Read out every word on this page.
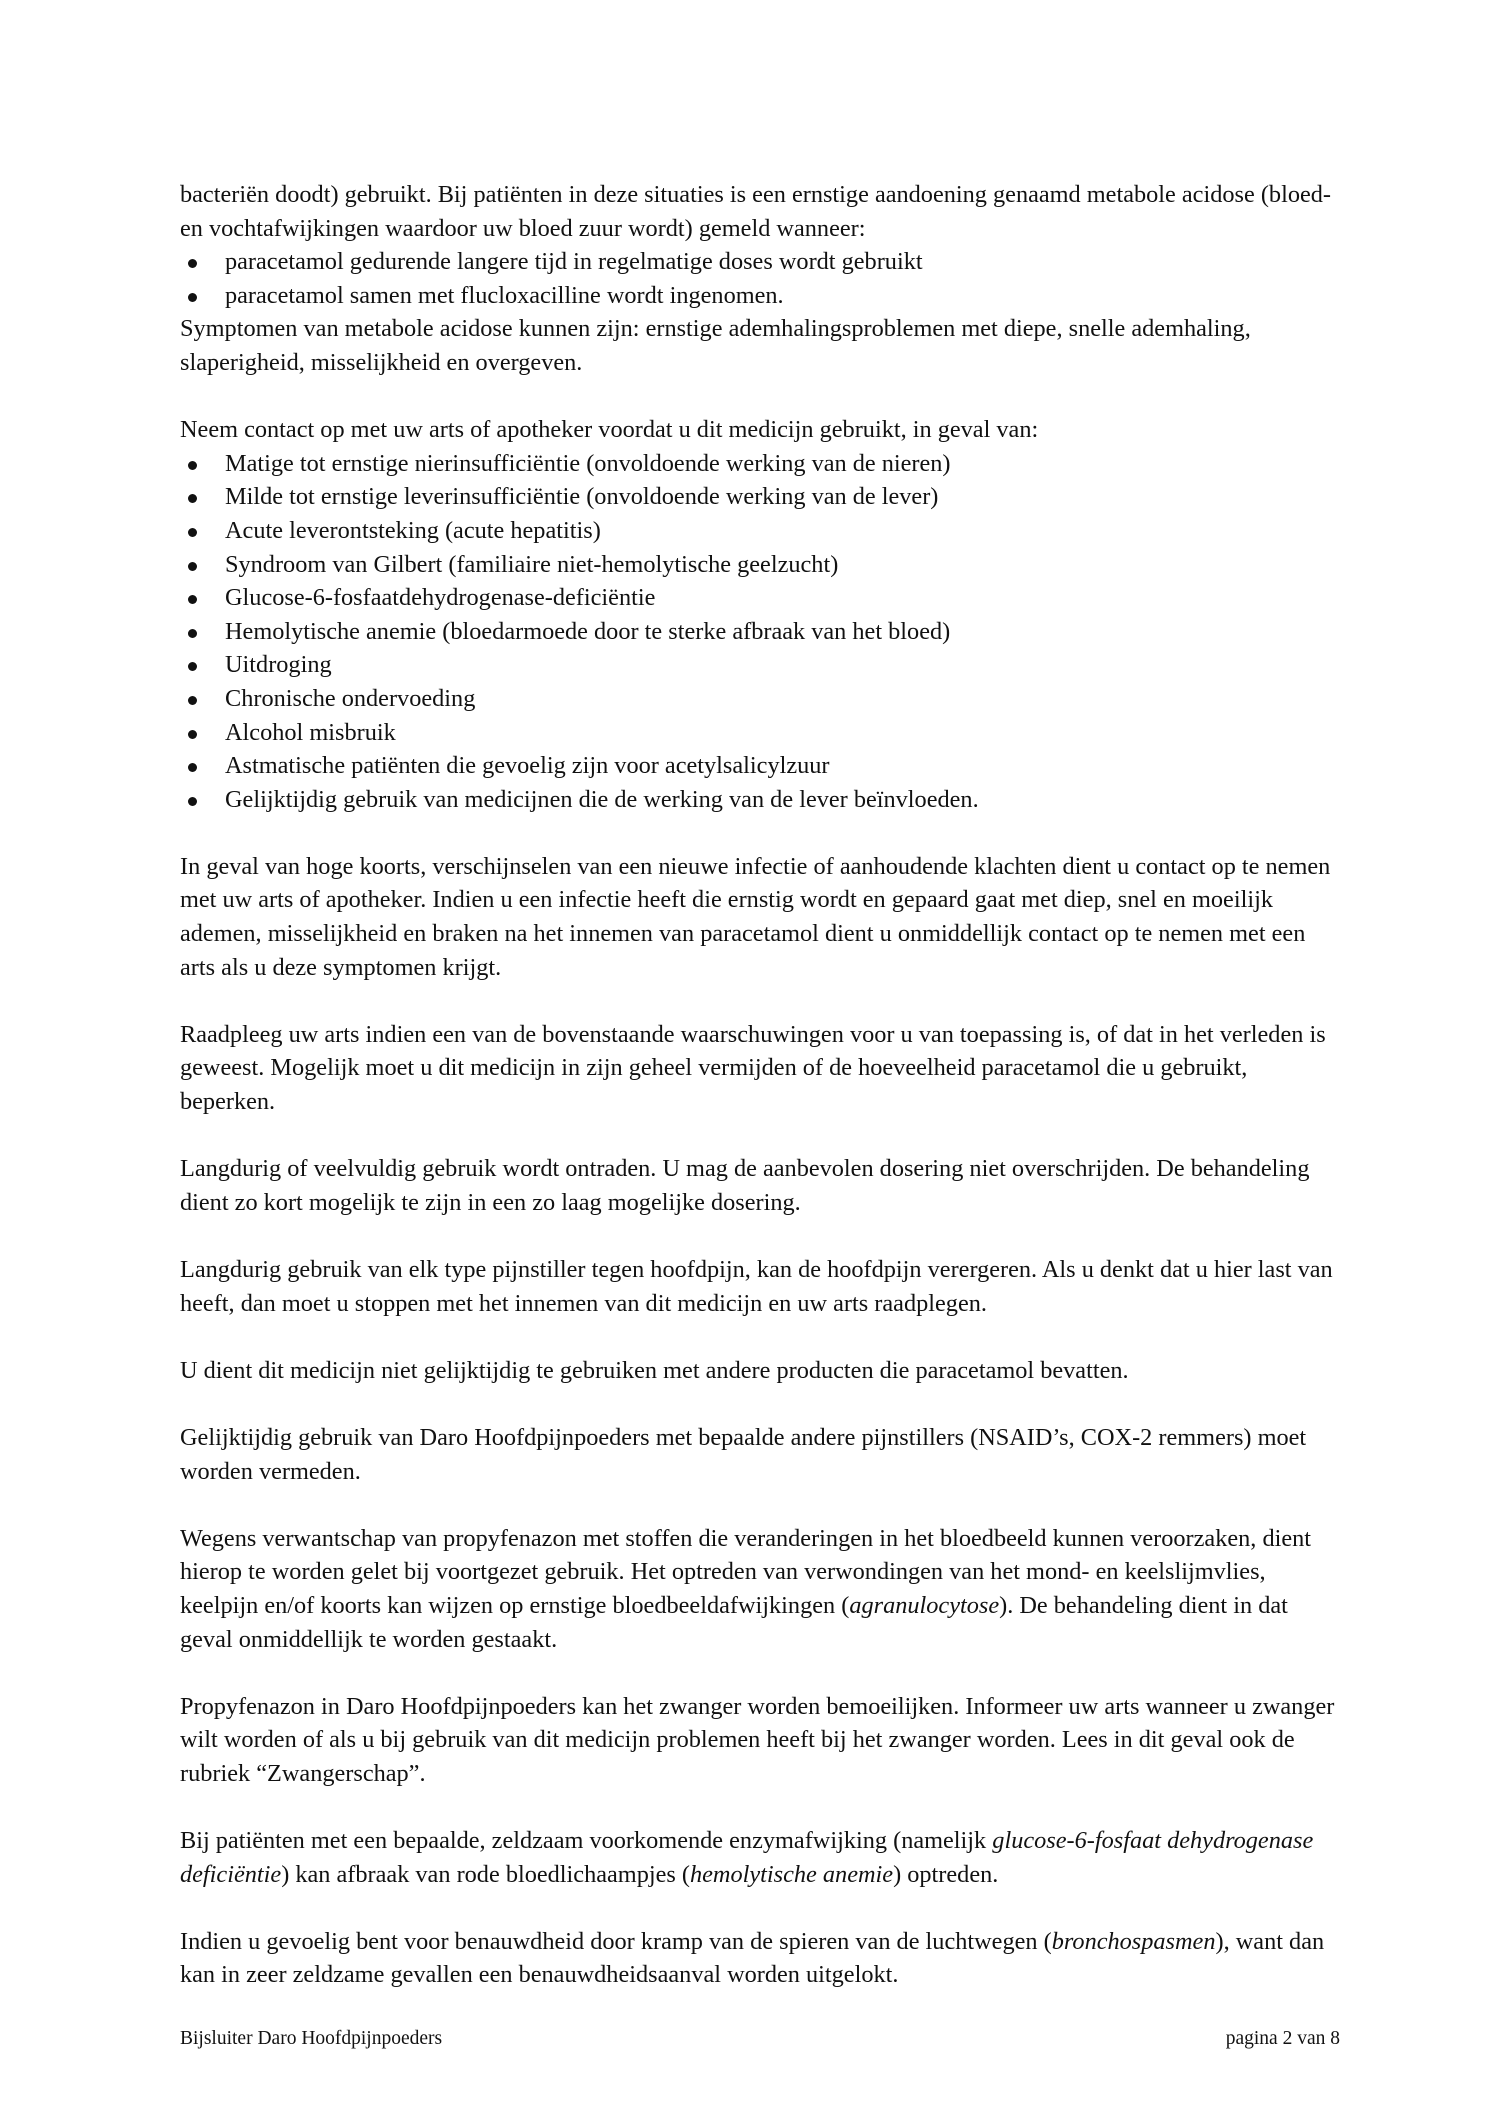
bacteriën doodt) gebruikt. Bij patiënten in deze situaties is een ernstige aandoening genaamd metabole acidose (bloed- en vochtafwijkingen waardoor uw bloed zuur wordt) gemeld wanneer:

paracetamol gedurende langere tijd in regelmatige doses wordt gebruikt
paracetamol samen met flucloxacilline wordt ingenomen.

Symptomen van metabole acidose kunnen zijn: ernstige ademhalingsproblemen met diepe, snelle ademhaling, slaperigheid, misselijkheid en overgeven.

Neem contact op met uw arts of apotheker voordat u dit medicijn gebruikt, in geval van:

Matige tot ernstige nierinsufficiëntie (onvoldoende werking van de nieren)
Milde tot ernstige leverinsufficiëntie (onvoldoende werking van de lever)
Acute leverontsteking (acute hepatitis)
Syndroom van Gilbert (familiaire niet-hemolytische geelzucht)
Glucose-6-fosfaatdehydrogenase-deficiëntie
Hemolytische anemie (bloedarmoede door te sterke afbraak van het bloed)
Uitdroging
Chronische ondervoeding
Alcohol misbruik
Astmatische patiënten die gevoelig zijn voor acetylsalicylzuur
Gelijktijdig gebruik van medicijnen die de werking van de lever beïnvloeden.

In geval van hoge koorts, verschijnselen van een nieuwe infectie of aanhoudende klachten dient u contact op te nemen met uw arts of apotheker. Indien u een infectie heeft die ernstig wordt en gepaard gaat met diep, snel en moeilijk ademen, misselijkheid en braken na het innemen van paracetamol dient u onmiddellijk contact op te nemen met een arts als u deze symptomen krijgt.

Raadpleeg uw arts indien een van de bovenstaande waarschuwingen voor u van toepassing is, of dat in het verleden is geweest. Mogelijk moet u dit medicijn in zijn geheel vermijden of de hoeveelheid paracetamol die u gebruikt, beperken.

Langdurig of veelvuldig gebruik wordt ontraden. U mag de aanbevolen dosering niet overschrijden. De behandeling dient zo kort mogelijk te zijn in een zo laag mogelijke dosering.

Langdurig gebruik van elk type pijnstiller tegen hoofdpijn, kan de hoofdpijn verergeren. Als u denkt dat u hier last van heeft, dan moet u stoppen met het innemen van dit medicijn en uw arts raadplegen.

U dient dit medicijn niet gelijktijdig te gebruiken met andere producten die paracetamol bevatten.

Gelijktijdig gebruik van Daro Hoofdpijnpoeders met bepaalde andere pijnstillers (NSAID’s, COX-2 remmers) moet worden vermeden.

Wegens verwantschap van propyfenazon met stoffen die veranderingen in het bloedbeeld kunnen veroorzaken, dient hierop te worden gelet bij voortgezet gebruik. Het optreden van verwondingen van het mond- en keelslijmvlies, keelpijn en/of koorts kan wijzen op ernstige bloedbeeldafwijkingen (agranulocytose). De behandeling dient in dat geval onmiddellijk te worden gestaakt.

Propyfenazon in Daro Hoofdpijnpoeders kan het zwanger worden bemoeilijken. Informeer uw arts wanneer u zwanger wilt worden of als u bij gebruik van dit medicijn problemen heeft bij het zwanger worden. Lees in dit geval ook de rubriek “Zwangerschap”.

Bij patiënten met een bepaalde, zeldzaam voorkomende enzymafwijking (namelijk glucose-6-fosfaat dehydrogenase deficiëntie) kan afbraak van rode bloedlichaampjes (hemolytische anemie) optreden.

Indien u gevoelig bent voor benauwdheid door kramp van de spieren van de luchtwegen (bronchospasmen), want dan kan in zeer zeldzame gevallen een benauwdheidsaanval worden uitgelokt.

Bijsluiter Daro Hoofdpijnpoeders	pagina 2 van 8
